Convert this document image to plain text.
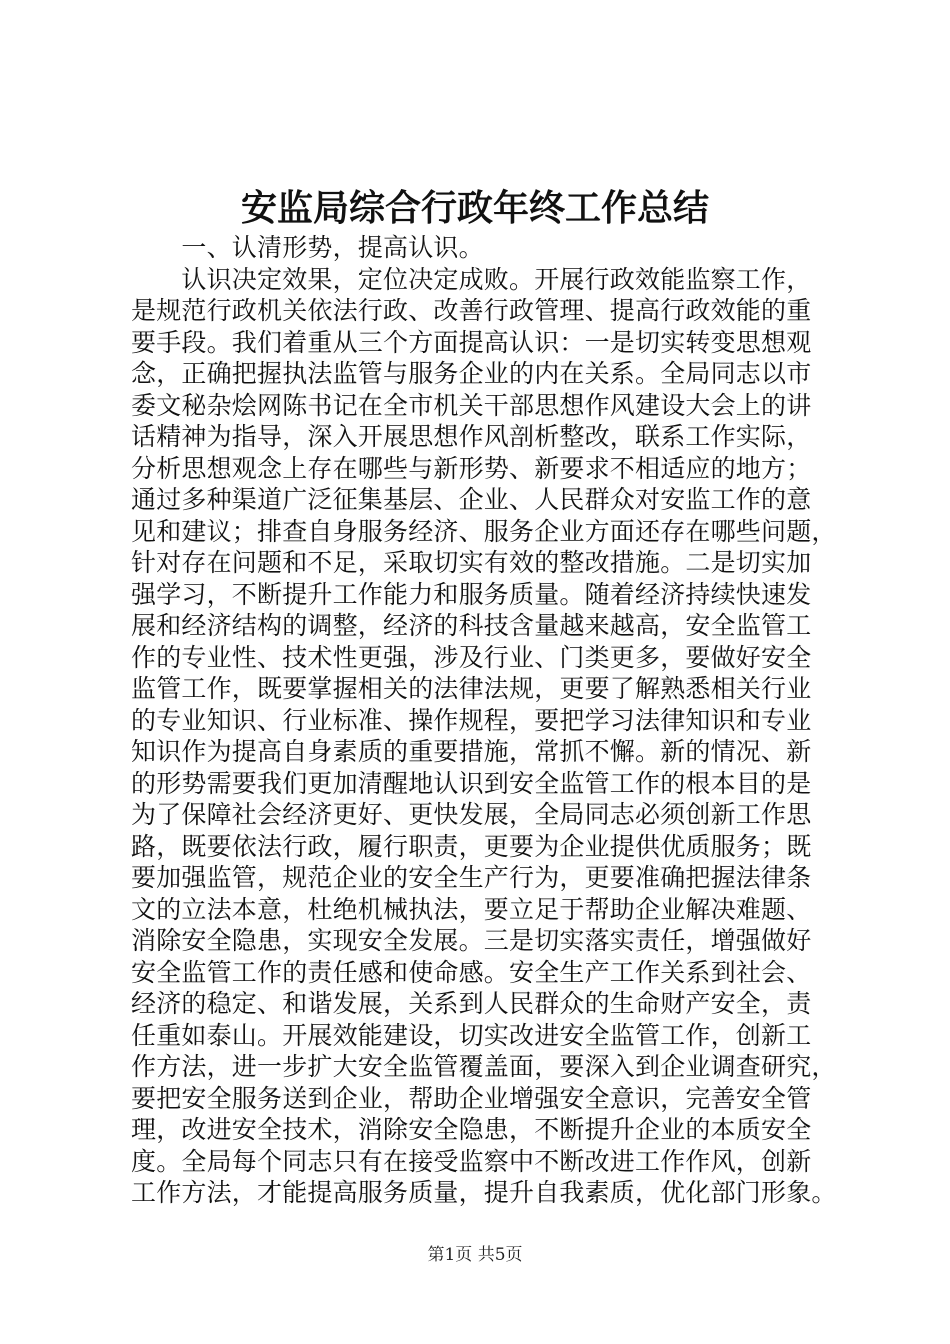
安监局综合行政年终工作总结
　　一、认清形势，提高认识。
　　认识决定效果，定位决定成败。开展行政效能监察工作，
是规范行政机关依法行政、改善行政管理、提高行政效能的重
要手段。我们着重从三个方面提高认识：一是切实转变思想观
念，正确把握执法监管与服务企业的内在关系。全局同志以市
委文秘杂烩网陈书记在全市机关干部思想作风建设大会上的讲
话精神为指导，深入开展思想作风剖析整改，联系工作实际，
分析思想观念上存在哪些与新形势、新要求不相适应的地方；
通过多种渠道广泛征集基层、企业、人民群众对安监工作的意
见和建议；排查自身服务经济、服务企业方面还存在哪些问题，
针对存在问题和不足，采取切实有效的整改措施。二是切实加
强学习，不断提升工作能力和服务质量。随着经济持续快速发
展和经济结构的调整，经济的科技含量越来越高，安全监管工
作的专业性、技术性更强，涉及行业、门类更多，要做好安全
监管工作，既要掌握相关的法律法规，更要了解熟悉相关行业
的专业知识、行业标准、操作规程，要把学习法律知识和专业
知识作为提高自身素质的重要措施，常抓不懈。新的情况、新
的形势需要我们更加清醒地认识到安全监管工作的根本目的是
为了保障社会经济更好、更快发展，全局同志必须创新工作思
路，既要依法行政，履行职责，更要为企业提供优质服务；既
要加强监管，规范企业的安全生产行为，更要准确把握法律条
文的立法本意，杜绝机械执法，要立足于帮助企业解决难题、
消除安全隐患，实现安全发展。三是切实落实责任，增强做好
安全监管工作的责任感和使命感。安全生产工作关系到社会、
经济的稳定、和谐发展，关系到人民群众的生命财产安全，责
任重如泰山。开展效能建设，切实改进安全监管工作，创新工
作方法，进一步扩大安全监管覆盖面，要深入到企业调查研究，
要把安全服务送到企业，帮助企业增强安全意识，完善安全管
理，改进安全技术，消除安全隐患，不断提升企业的本质安全
度。全局每个同志只有在接受监察中不断改进工作作风，创新
工作方法，才能提高服务质量，提升自我素质，优化部门形象。
第1页 共5页
